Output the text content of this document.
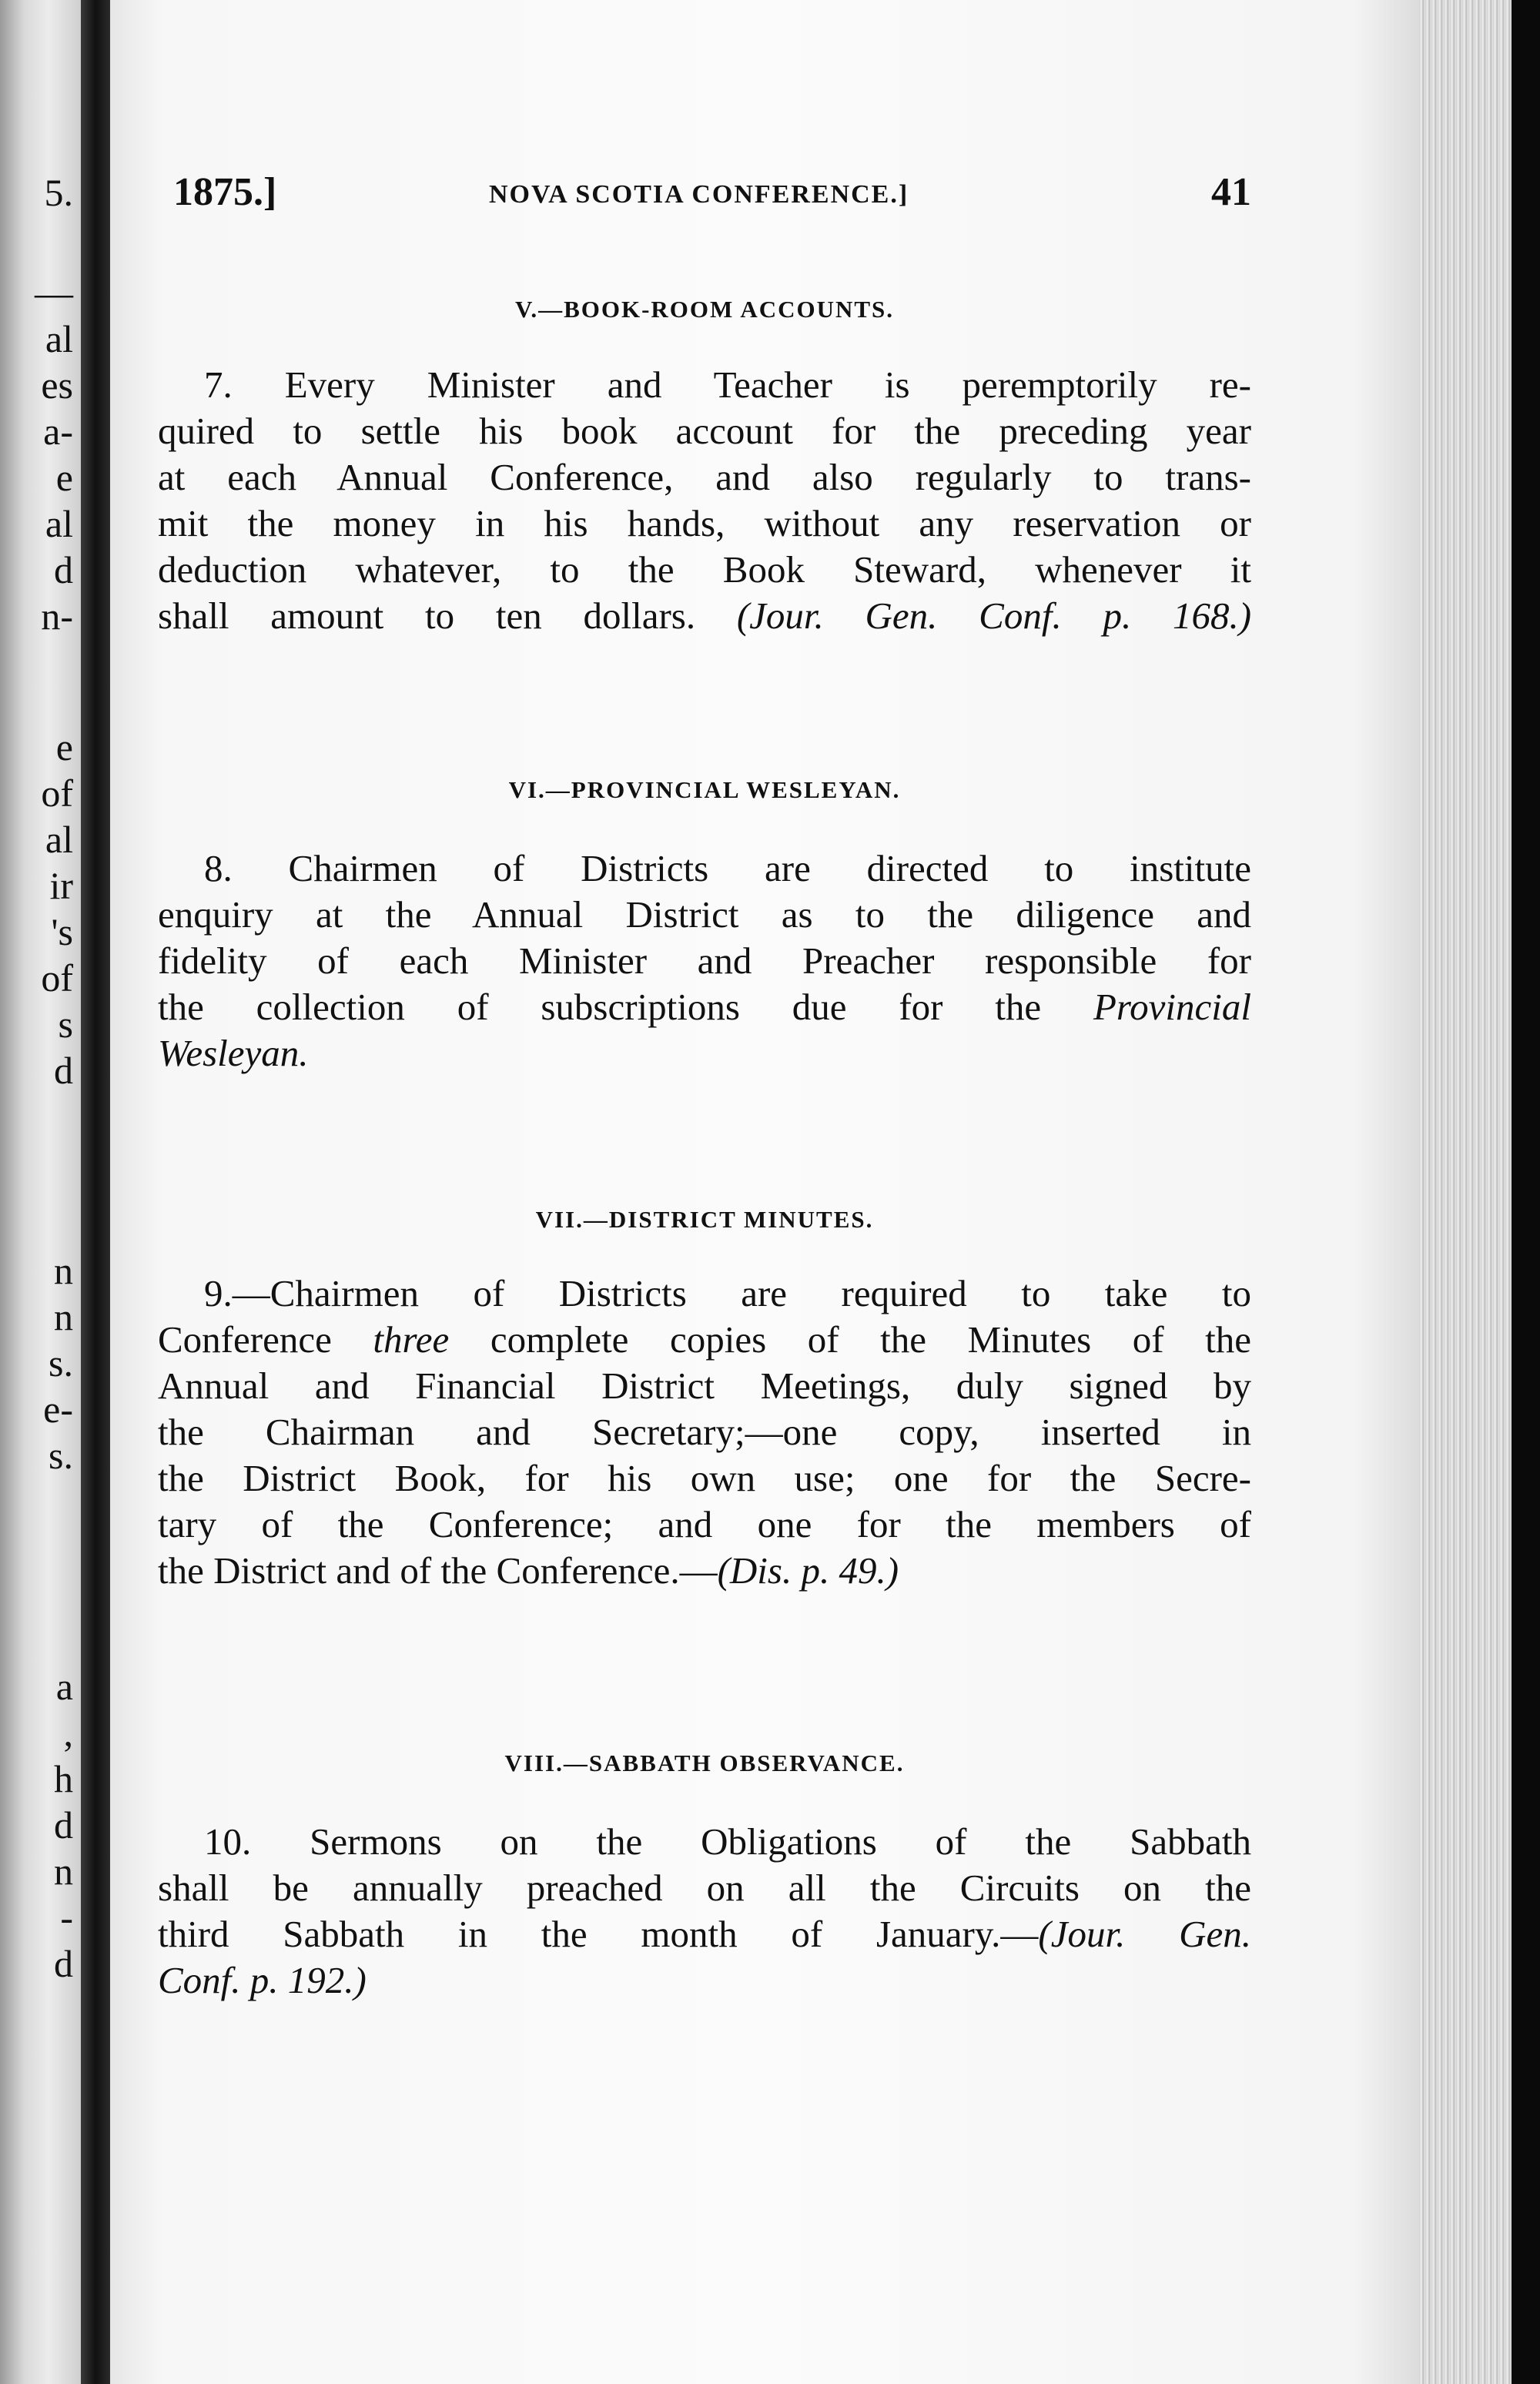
5.
—
al
es
a-
e
al
d
n-
e
of
al
ir
's
of
s
d
n
n
s.
e-
s.
a
,
h
d
n
-
d
1875.]	NOVA SCOTIA CONFERENCE.]	41
V.—BOOK-ROOM ACCOUNTS.
7. Every Minister and Teacher is peremptorily re-
quired to settle his book account for the preceding year
at each Annual Conference, and also regularly to trans-
mit the money in his hands, without any reservation or
deduction whatever, to the Book Steward, whenever it
shall amount to ten dollars. (Jour. Gen. Conf. p. 168.)
VI.—PROVINCIAL WESLEYAN.
8. Chairmen of Districts are directed to institute
enquiry at the Annual District as to the diligence and
fidelity of each Minister and Preacher responsible for
the collection of subscriptions due for the Provincial
Wesleyan.
VII.—DISTRICT MINUTES.
9.—Chairmen of Districts are required to take to
Conference three complete copies of the Minutes of the
Annual and Financial District Meetings, duly signed by
the Chairman and Secretary;—one copy, inserted in
the District Book, for his own use; one for the Secre-
tary of the Conference; and one for the members of
the District and of the Conference.—(Dis. p. 49.)
VIII.—SABBATH OBSERVANCE.
10. Sermons on the Obligations of the Sabbath
shall be annually preached on all the Circuits on the
third Sabbath in the month of January.—(Jour. Gen.
Conf. p. 192.)
